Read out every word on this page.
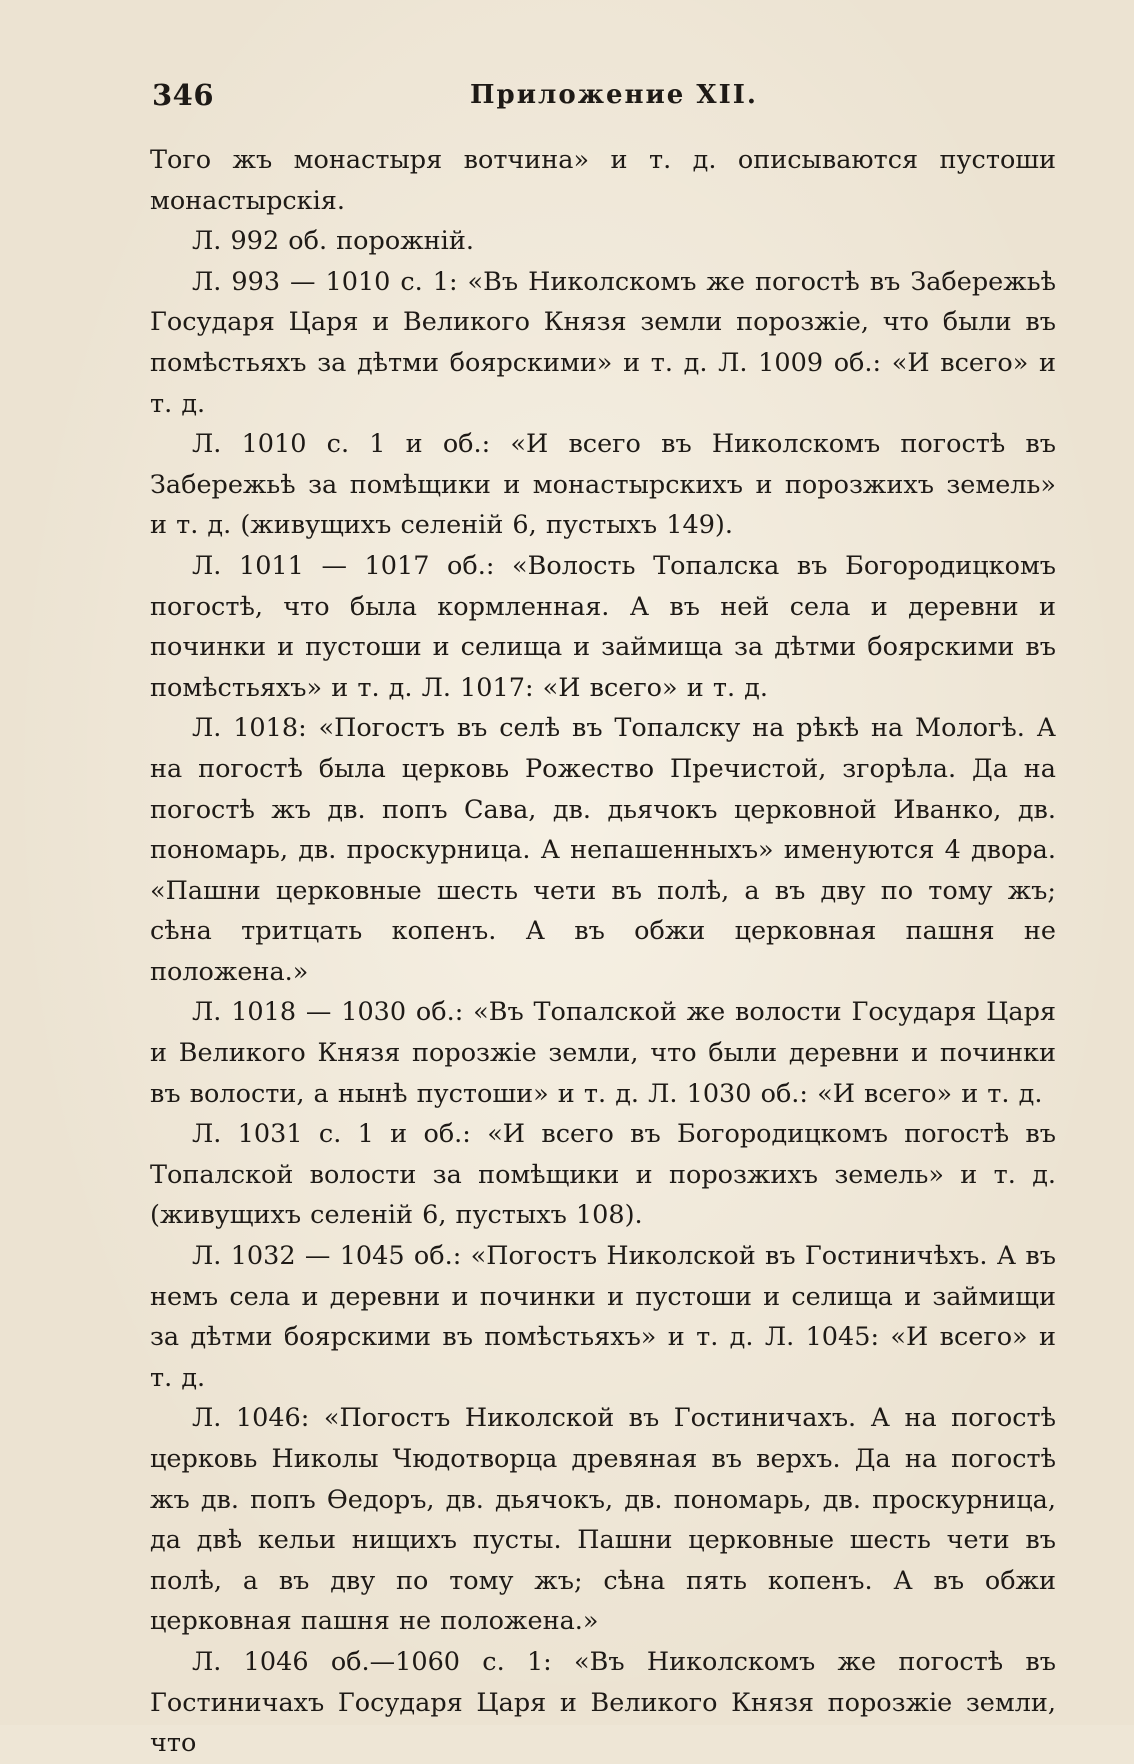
346	Приложение XII.

Того жъ монастыря вотчина» и т. д. описываются пустоши монастырскія.

Л. 992 об. порожній.

Л. 993 — 1010 с. 1: «Въ Николскомъ же погостѣ въ Забережьѣ Государя Царя и Великого Князя земли порозжіе, что были въ помѣстьяхъ за дѣтми боярскими» и т. д. Л. 1009 об.: «И всего» и т. д.

Л. 1010 с. 1 и об.: «И всего въ Николскомъ погостѣ въ Забережьѣ за помѣщики и монастырскихъ и порозжихъ земель» и т. д. (живущихъ селеній 6, пустыхъ 149).

Л. 1011 — 1017 об.: «Волость Топалска въ Богородицкомъ погостѣ, что была кормленная. А въ ней села и деревни и починки и пустоши и селища и займища за дѣтми боярскими въ помѣстьяхъ» и т. д. Л. 1017: «И всего» и т. д.

Л. 1018: «Погостъ въ селѣ въ Топалску на рѣкѣ на Мологѣ. А на погостѣ была церковь Рожество Пречистой, згорѣла. Да на погостѣ жъ дв. попъ Сава, дв. дьячокъ церковной Иванко, дв. пономарь, дв. проскурница. А непашенныхъ» именуются 4 двора. «Пашни церковные шесть чети въ полѣ, а въ дву по тому жъ; сѣна тритцать копенъ. А въ обжи церковная пашня не положена.»

Л. 1018 — 1030 об.: «Въ Топалской же волости Государя Царя и Великого Князя порозжіе земли, что были деревни и починки въ волости, а нынѣ пустоши» и т. д. Л. 1030 об.: «И всего» и т. д.

Л. 1031 с. 1 и об.: «И всего въ Богородицкомъ погостѣ въ Топалской волости за помѣщики и порозжихъ земель» и т. д. (живущихъ селеній 6, пустыхъ 108).

Л. 1032 — 1045 об.: «Погостъ Николской въ Гостиничѣхъ. А въ немъ села и деревни и починки и пустоши и селища и займищи за дѣтми боярскими въ помѣстьяхъ» и т. д. Л. 1045: «И всего» и т. д.

Л. 1046: «Погостъ Николской въ Гостиничахъ. А на погостѣ церковь Николы Чюдотворца древяная въ верхъ. Да на погостѣ жъ дв. попъ Ѳедоръ, дв. дьячокъ, дв. пономарь, дв. проскурница, да двѣ кельи нищихъ пусты. Пашни церковные шесть чети въ полѣ, а въ дву по тому жъ; сѣна пять копенъ. А въ обжи церковная пашня не положена.»

Л. 1046 об.—1060 с. 1: «Въ Николскомъ же погостѣ въ Гостиничахъ Государя Царя и Великого Князя порозжіе земли, что
